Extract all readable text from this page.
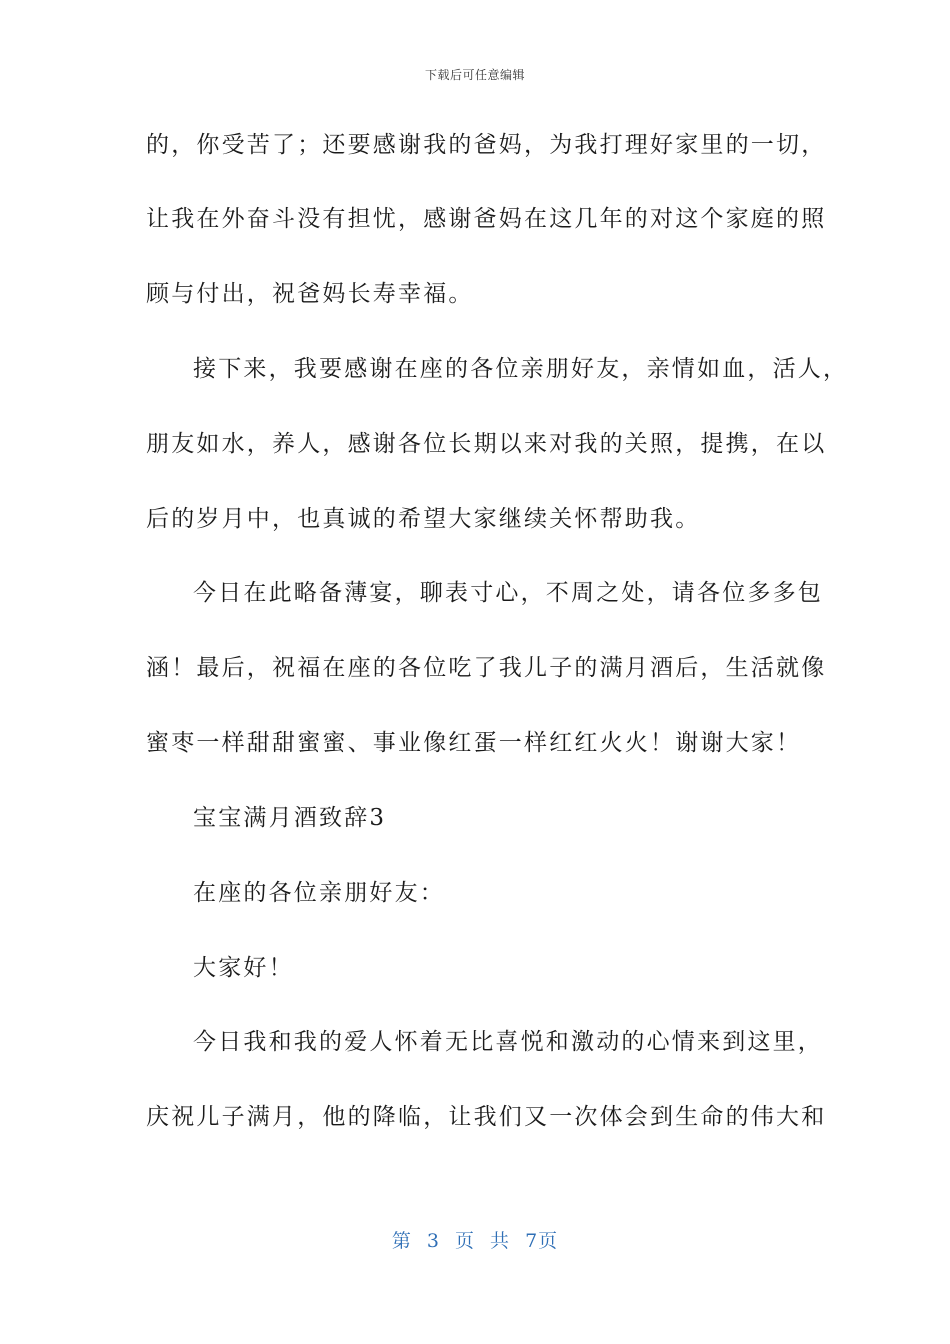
下载后可任意编辑
的，你受苦了；还要感谢我的爸妈，为我打理好家里的一切，
让我在外奋斗没有担忧，感谢爸妈在这几年的对这个家庭的照
顾与付出，祝爸妈长寿幸福。
接下来，我要感谢在座的各位亲朋好友，亲情如血，活人，
朋友如水，养人，感谢各位长期以来对我的关照，提携，在以
后的岁月中，也真诚的希望大家继续关怀帮助我。
今日在此略备薄宴，聊表寸心，不周之处，请各位多多包
涵！最后，祝福在座的各位吃了我儿子的满月酒后，生活就像
蜜枣一样甜甜蜜蜜、事业像红蛋一样红红火火！谢谢大家！
宝宝满月酒致辞3
在座的各位亲朋好友：
大家好！
今日我和我的爱人怀着无比喜悦和激动的心情来到这里，
庆祝儿子满月，他的降临，让我们又一次体会到生命的伟大和
第 3 页 共 7页
